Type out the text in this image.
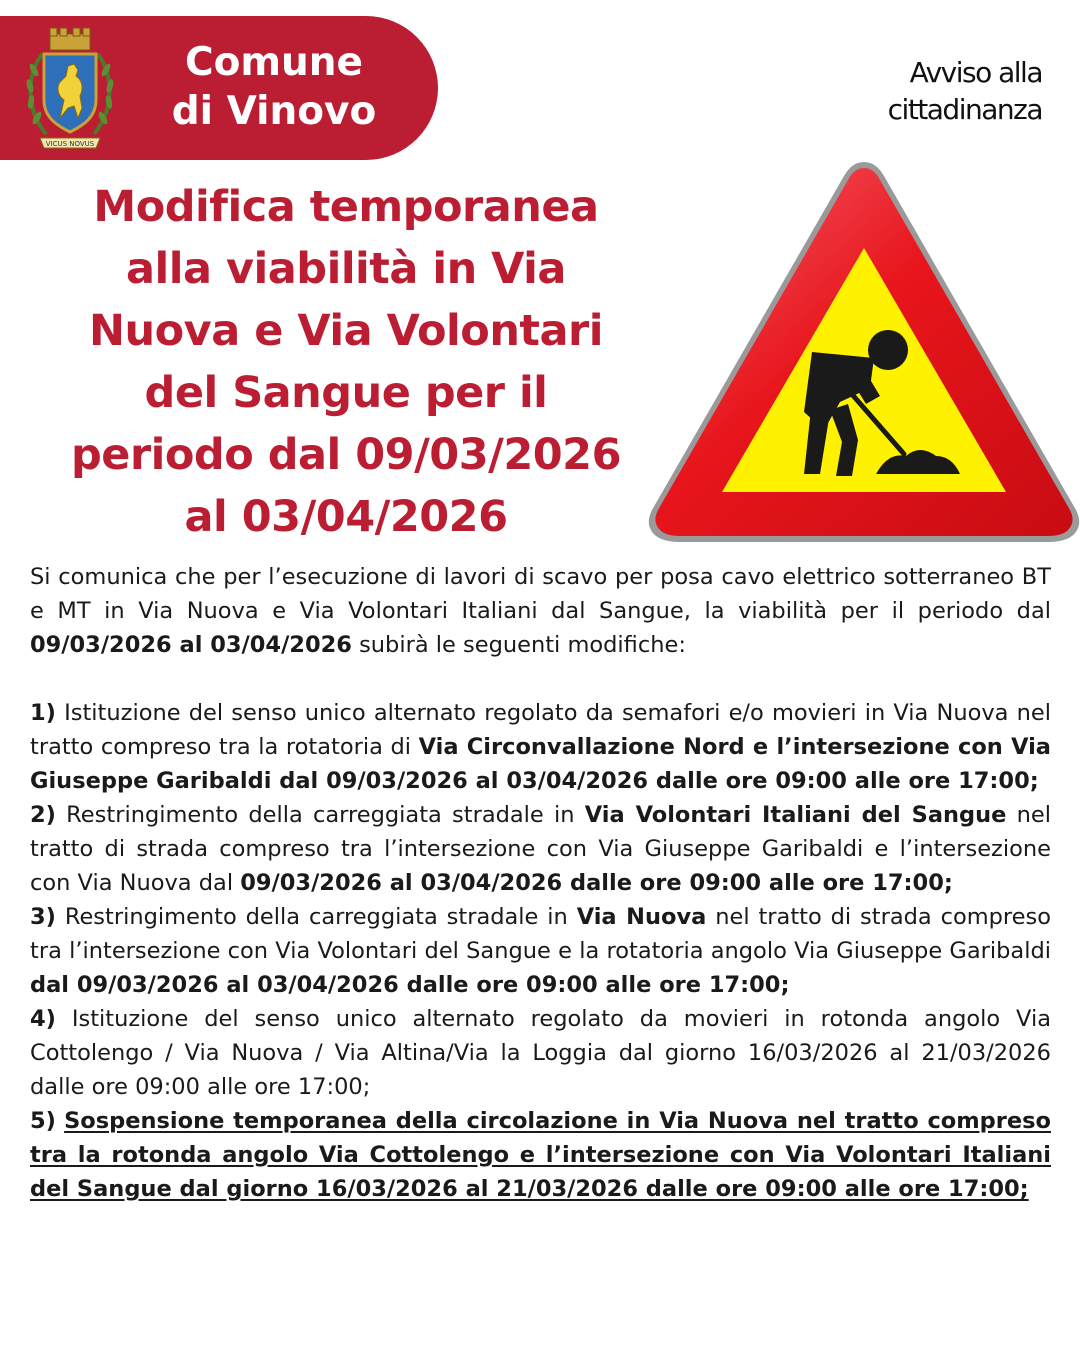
VICUS NOVUS
Comune
di Vinovo
Avviso alla
cittadinanza
Modifica temporanea
alla viabilità in Via
Nuova e Via Volontari
del Sangue per il
periodo dal 09/03/2026
al 03/04/2026

Si comunica che per l’esecuzione di lavori di scavo per posa cavo elettrico sotterraneo BT e MT in Via Nuova e Via Volontari Italiani dal Sangue, la viabilità per il periodo dal 09/03/2026 al 03/04/2026 subirà le seguenti modifiche:

1) Istituzione del senso unico alternato regolato da semafori e/o movieri in Via Nuova nel tratto compreso tra la rotatoria di Via Circonvallazione Nord e l’intersezione con Via Giuseppe Garibaldi dal 09/03/2026 al 03/04/2026 dalle ore 09:00 alle ore 17:00;

2) Restringimento della carreggiata stradale in Via Volontari Italiani del Sangue nel tratto di strada compreso tra l’intersezione con Via Giuseppe Garibaldi e l’intersezione con Via Nuova dal 09/03/2026 al 03/04/2026 dalle ore 09:00 alle ore 17:00;

3) Restringimento della carreggiata stradale in Via Nuova nel tratto di strada compreso tra l’intersezione con Via Volontari del Sangue e la rotatoria angolo Via Giuseppe Garibaldi dal 09/03/2026 al 03/04/2026 dalle ore 09:00 alle ore 17:00;

4) Istituzione del senso unico alternato regolato da movieri in rotonda angolo Via Cottolengo / Via Nuova / Via Altina/Via la Loggia dal giorno 16/03/2026 al 21/03/2026 dalle ore 09:00 alle ore 17:00;

5) Sospensione temporanea della circolazione in Via Nuova nel tratto compreso tra la rotonda angolo Via Cottolengo e l’intersezione con Via Volontari Italiani del Sangue dal giorno 16/03/2026 al 21/03/2026 dalle ore 09:00 alle ore 17:00;
